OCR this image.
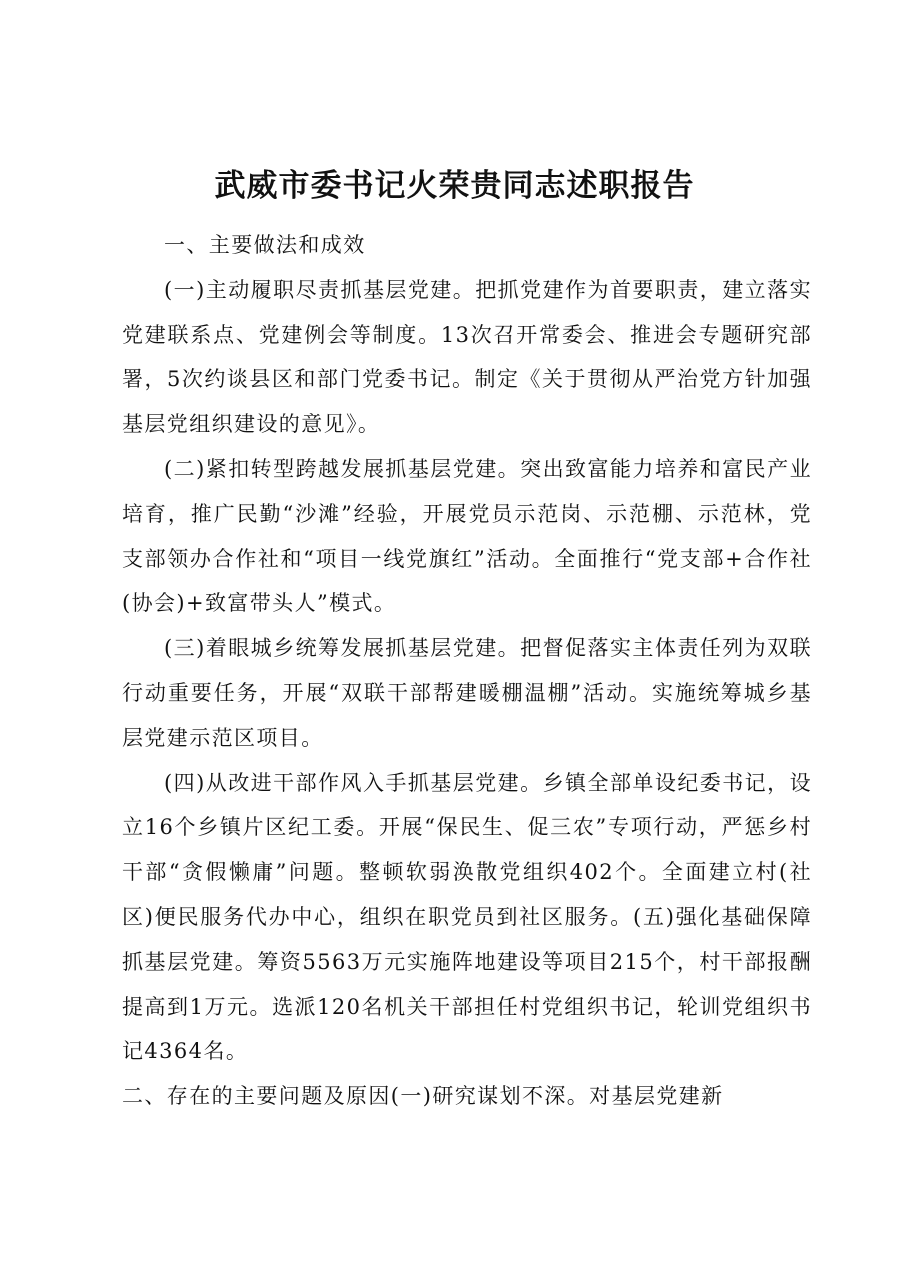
武威市委书记火荣贵同志述职报告

一、主要做法和成效

(一)主动履职尽责抓基层党建。把抓党建作为首要职责，建立落实党建联系点、党建例会等制度。13次召开常委会、推进会专题研究部署，5次约谈县区和部门党委书记。制定《关于贯彻从严治党方针加强基层党组织建设的意见》。

(二)紧扣转型跨越发展抓基层党建。突出致富能力培养和富民产业培育，推广民勤“沙滩”经验，开展党员示范岗、示范棚、示范林，党支部领办合作社和“项目一线党旗红”活动。全面推行“党支部+合作社(协会)+致富带头人”模式。

(三)着眼城乡统筹发展抓基层党建。把督促落实主体责任列为双联行动重要任务，开展“双联干部帮建暖棚温棚”活动。实施统筹城乡基层党建示范区项目。

(四)从改进干部作风入手抓基层党建。乡镇全部单设纪委书记，设立16个乡镇片区纪工委。开展“保民生、促三农”专项行动，严惩乡村干部“贪假懒庸”问题。整顿软弱涣散党组织402个。全面建立村(社区)便民服务代办中心，组织在职党员到社区服务。(五)强化基础保障抓基层党建。筹资5563万元实施阵地建设等项目215个，村干部报酬提高到1万元。选派120名机关干部担任村党组织书记，轮训党组织书记4364名。

二、存在的主要问题及原因(一)研究谋划不深。对基层党建新
